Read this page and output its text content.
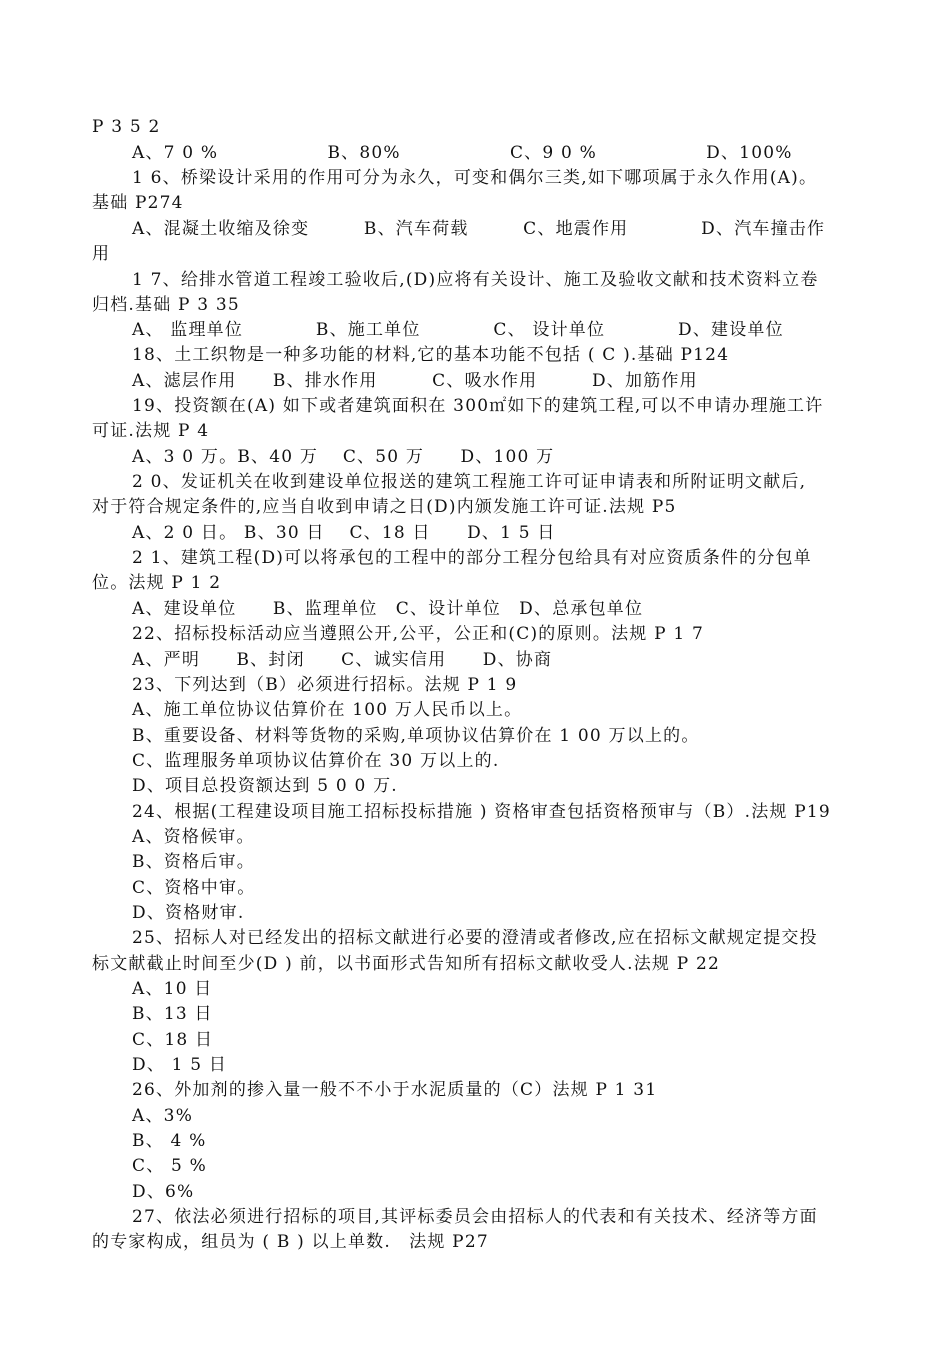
P 3 5 2
A、7 0 %　　　　　　B、80%　　　　　　C、9 0 %　　　　　　D、100%
1 6、桥梁设计采用的作用可分为永久，可变和偶尔三类,如下哪项属于永久作用(A)。
基础 P274
A、混凝土收缩及徐变　　　B、汽车荷载　　　C、地震作用　　　　D、汽车撞击作
用
1 7、给排水管道工程竣工验收后,(D)应将有关设计、施工及验收文献和技术资料立卷
归档.基础 P 3 35
A、 监理单位　　　　B、施工单位　　　　C、 设计单位　　　　D、建设单位
18、土工织物是一种多功能的材料,它的基本功能不包括 ( C ).基础 P124
A、滤层作用　　B、排水作用　　　C、吸水作用　　　D、加筋作用
19、投资额在(A) 如下或者建筑面积在 300㎡如下的建筑工程,可以不申请办理施工许
可证.法规 P 4
A、3 0 万。B、40 万　 C、50 万　　D、100 万
2 0、发证机关在收到建设单位报送的建筑工程施工许可证申请表和所附证明文献后,
对于符合规定条件的,应当自收到申请之日(D)内颁发施工许可证.法规 P5
A、2 0 日。 B、30 日　 C、18 日　　D、1 5 日
2 1、建筑工程(D)可以将承包的工程中的部分工程分包给具有对应资质条件的分包单
位。法规 P 1 2
A、建设单位　　B、监理单位　C、设计单位　D、总承包单位
22、招标投标活动应当遵照公开,公平，公正和(C)的原则。法规 P 1 7
A、严明　　B、封闭　　C、诚实信用　　D、协商
23、下列达到（B）必须进行招标。法规 P 1 9
A、施工单位协议估算价在 100 万人民币以上。
B、重要设备、材料等货物的采购,单项协议估算价在 1 00 万以上的。
C、监理服务单项协议估算价在 30 万以上的.
D、项目总投资额达到 5 0 0 万.
24、根据(工程建设项目施工招标投标措施 ) 资格审查包括资格预审与（B）.法规 P19
A、资格候审。
B、资格后审。
C、资格中审。
D、资格财审.
25、招标人对已经发出的招标文献进行必要的澄清或者修改,应在招标文献规定提交投
标文献截止时间至少(D ) 前，以书面形式告知所有招标文献收受人.法规 P 22
A、10 日
B、13 日
C、18 日
D、 1 5 日
26、外加剂的掺入量一般不不小于水泥质量的（C）法规 P 1 31
A、3%
B、 4 %
C、 5 %
D、6%
27、依法必须进行招标的项目,其评标委员会由招标人的代表和有关技术、经济等方面
的专家构成，组员为 ( B ) 以上单数.　法规 P27
